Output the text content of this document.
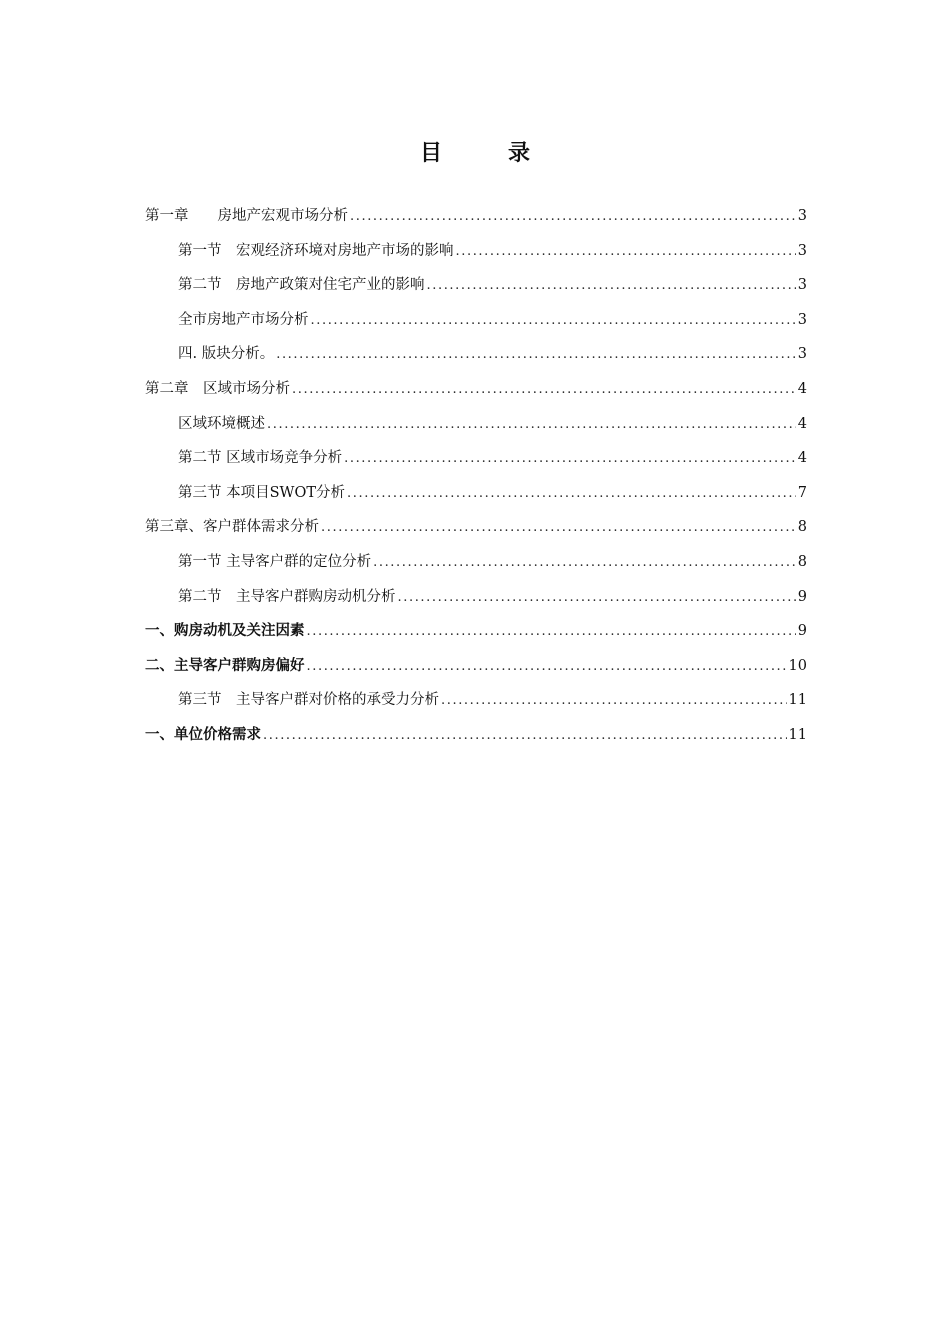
目　录
第一章　　房地产宏观市场分析 .....	3
第一节　宏观经济环境对房地产市场的影响 .....	3
第二节　房地产政策对住宅产业的影响 .....	3
全市房地产市场分析 .....	3
四. 版块分析。 .....	3
第二章　区域市场分析 .....	4
区域环境概述 .....	4
第二节 区域市场竞争分析 .....	4
第三节 本项目SWOT分析 .....	7
第三章、客户群体需求分析 .....	8
第一节 主导客户群的定位分析 .....	8
第二节　主导客户群购房动机分析 .....	9
一、购房动机及关注因素 .....	9
二、主导客户群购房偏好 .....	10
第三节　主导客户群对价格的承受力分析 .....	11
一、单位价格需求 .....	11
